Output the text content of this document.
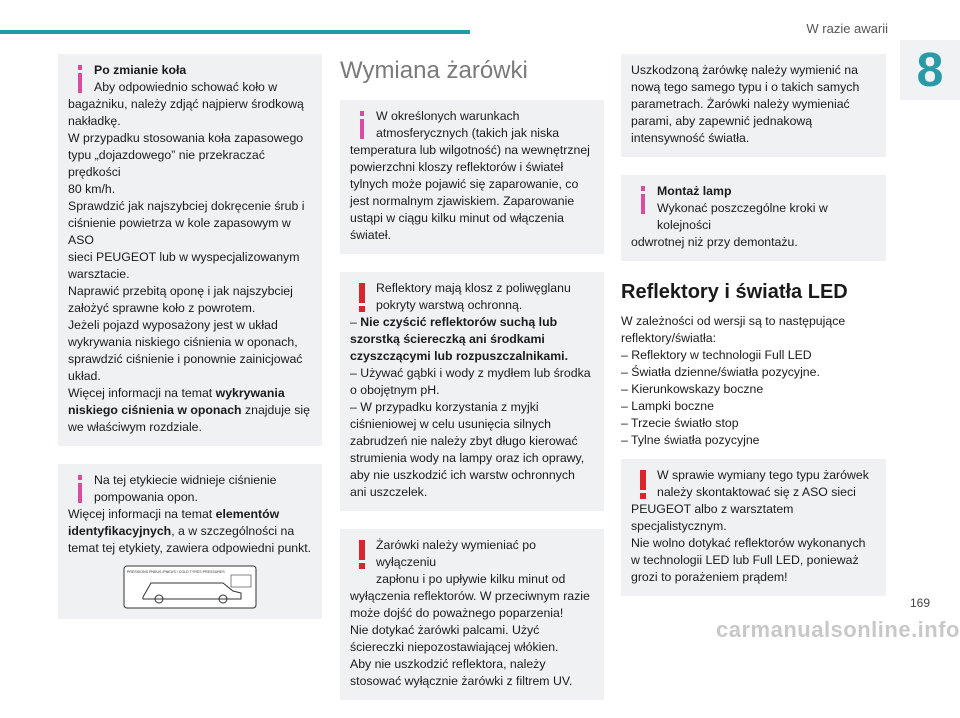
W razie awarii
8

Po zmianie koła

Aby odpowiednio schować koło w

bagażniku, należy zdjąć najpierw środkową

nakładkę.

W przypadku stosowania koła zapasowego

typu „dojazdowego” nie przekraczać prędkości

80 km/h.

Sprawdzić jak najszybciej dokręcenie śrub i

ciśnienie powietrza w kole zapasowym w ASO

sieci PEUGEOT lub w wyspecjalizowanym

warsztacie.

Naprawić przebitą oponę i jak najszybciej

założyć sprawne koło z powrotem.

Jeżeli pojazd wyposażony jest w układ

wykrywania niskiego ciśnienia w oponach,

sprawdzić ciśnienie i ponownie zainicjować

układ.

Więcej informacji na temat wykrywania niskiego ciśnienia w oponach znajduje się we właściwym rozdziale.

Na tej etykiecie widnieje ciśnienie

pompowania opon.

Więcej informacji na temat elementów identyfikacyjnych, a w szczególności na temat tej etykiety, zawiera odpowiedni punkt.

PRESSIONS PNEUS /PNEUS / COLD TYRES PRESSURES
Wymiana żarówki

W określonych warunkach

atmosferycznych (takich jak niska

temperatura lub wilgotność) na wewnętrznej powierzchni kloszy reflektorów i świateł tylnych może pojawić się zaparowanie, co jest normalnym zjawiskiem. Zaparowanie ustąpi w ciągu kilku minut od włączenia świateł.

Reflektory mają klosz z poliwęglanu

pokryty warstwą ochronną.

– Nie czyścić reflektorów suchą lub szorstką ściereczką ani środkami czyszczącymi lub rozpuszczalnikami.

– Używać gąbki i wody z mydłem lub środka o obojętnym pH.

– W przypadku korzystania z myjki ciśnieniowej w celu usunięcia silnych zabrudzeń nie należy zbyt długo kierować strumienia wody na lampy oraz ich oprawy, aby nie uszkodzić ich warstw ochronnych ani uszczelek.

Żarówki należy wymieniać po wyłączeniu

zapłonu i po upływie kilku minut od

wyłączenia reflektorów. W przeciwnym razie może dojść do poważnego poparzenia!

Nie dotykać żarówki palcami. Użyć ściereczki niepozostawiającej włókien.

Aby nie uszkodzić reflektora, należy stosować wyłącznie żarówki z filtrem UV.

Uszkodzoną żarówkę należy wymienić na nową tego samego typu i o takich samych parametrach. Żarówki należy wymieniać parami, aby zapewnić jednakową intensywność światła.

Montaż lamp

Wykonać poszczególne kroki w kolejności

odwrotnej niż przy demontażu.

Reflektory i światła LED

W zależności od wersji są to następujące reflektory/światła:

– Reflektory w technologii Full LED

– Światła dzienne/światła pozycyjne.

– Kierunkowskazy boczne

– Lampki boczne

– Trzecie światło stop

– Tylne światła pozycyjne

W sprawie wymiany tego typu żarówek

należy skontaktować się z ASO sieci

PEUGEOT albo z warsztatem specjalistycznym.

Nie wolno dotykać reflektorów wykonanych w technologii LED lub Full LED, ponieważ grozi to porażeniem prądem!

169
carmanualsonline.info
